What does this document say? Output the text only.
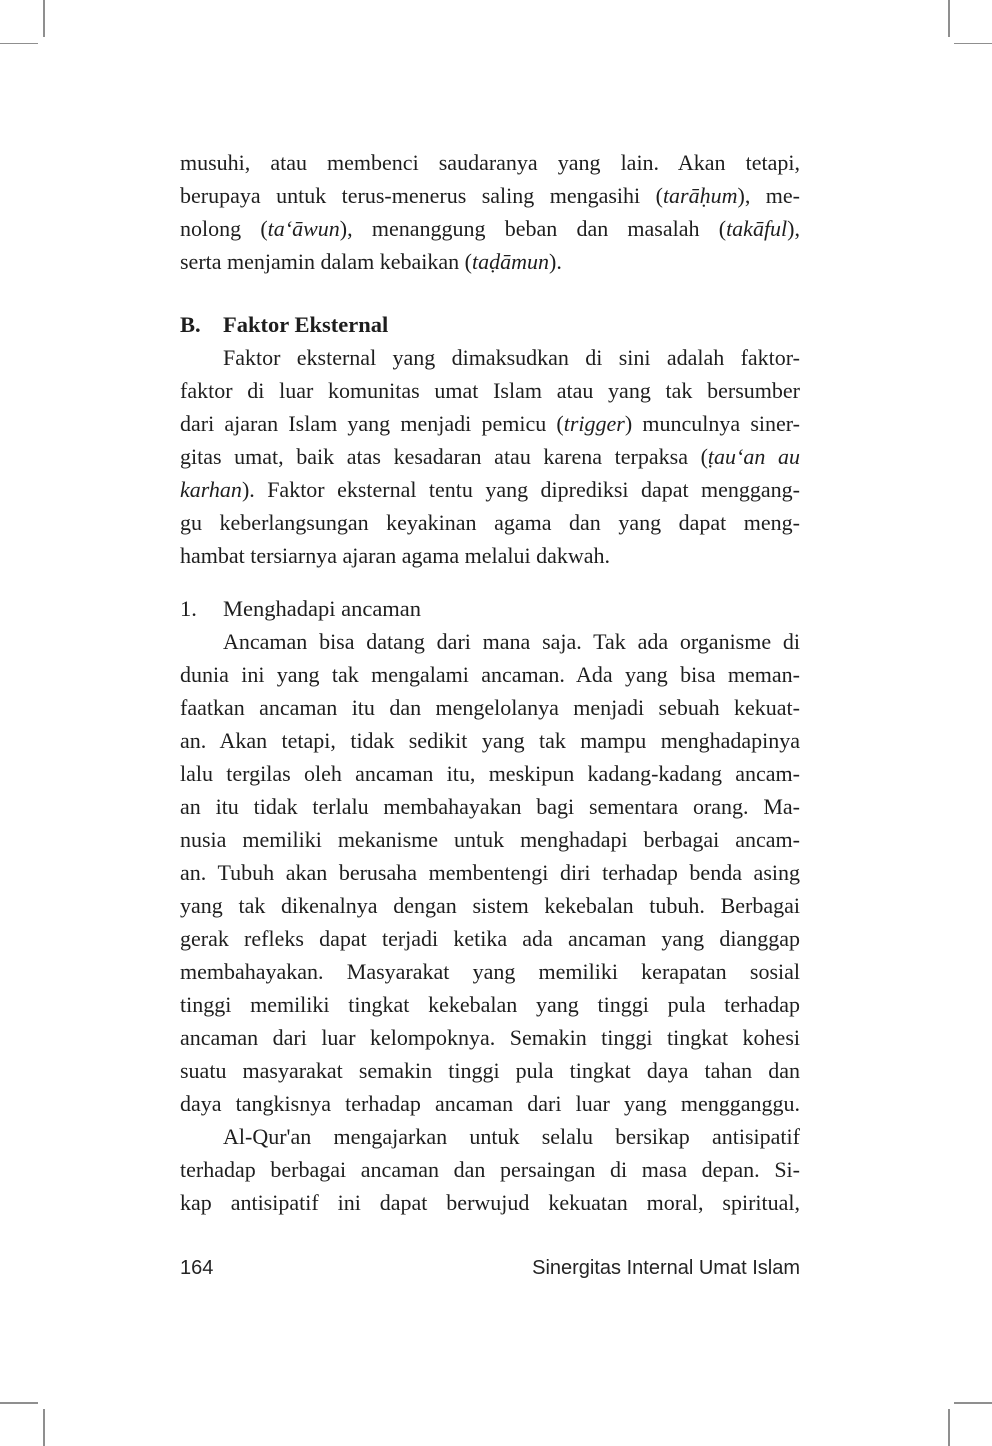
musuhi, atau membenci saudaranya yang lain. Akan tetapi,
berupaya untuk terus-menerus saling mengasihi (tarāḥum), me-
nolong (ta‘āwun), menanggung beban dan masalah (takāful),
serta menjamin dalam kebaikan (taḍāmun).
B. Faktor Eksternal
Faktor eksternal yang dimaksudkan di sini adalah faktor-
faktor di luar komunitas umat Islam atau yang tak bersumber
dari ajaran Islam yang menjadi pemicu (trigger) munculnya siner-
gitas umat, baik atas kesadaran atau karena terpaksa (ṭau‘an au
karhan). Faktor eksternal tentu yang diprediksi dapat menggang-
gu keberlangsungan keyakinan agama dan yang dapat meng-
hambat tersiarnya ajaran agama melalui dakwah.
1. Menghadapi ancaman
Ancaman bisa datang dari mana saja. Tak ada organisme di
dunia ini yang tak mengalami ancaman. Ada yang bisa meman-
faatkan ancaman itu dan mengelolanya menjadi sebuah kekuat-
an. Akan tetapi, tidak sedikit yang tak mampu menghadapinya
lalu tergilas oleh ancaman itu, meskipun kadang-kadang ancam-
an itu tidak terlalu membahayakan bagi sementara orang. Ma-
nusia memiliki mekanisme untuk menghadapi berbagai ancam-
an. Tubuh akan berusaha membentengi diri terhadap benda asing
yang tak dikenalnya dengan sistem kekebalan tubuh. Berbagai
gerak refleks dapat terjadi ketika ada ancaman yang dianggap
membahayakan. Masyarakat yang memiliki kerapatan sosial
tinggi memiliki tingkat kekebalan yang tinggi pula terhadap
ancaman dari luar kelompoknya. Semakin tinggi tingkat kohesi
suatu masyarakat semakin tinggi pula tingkat daya tahan dan
daya tangkisnya terhadap ancaman dari luar yang mengganggu.
Al-Qur'an mengajarkan untuk selalu bersikap antisipatif
terhadap berbagai ancaman dan persaingan di masa depan. Si-
kap antisipatif ini dapat berwujud kekuatan moral, spiritual,
164	Sinergitas Internal Umat Islam
